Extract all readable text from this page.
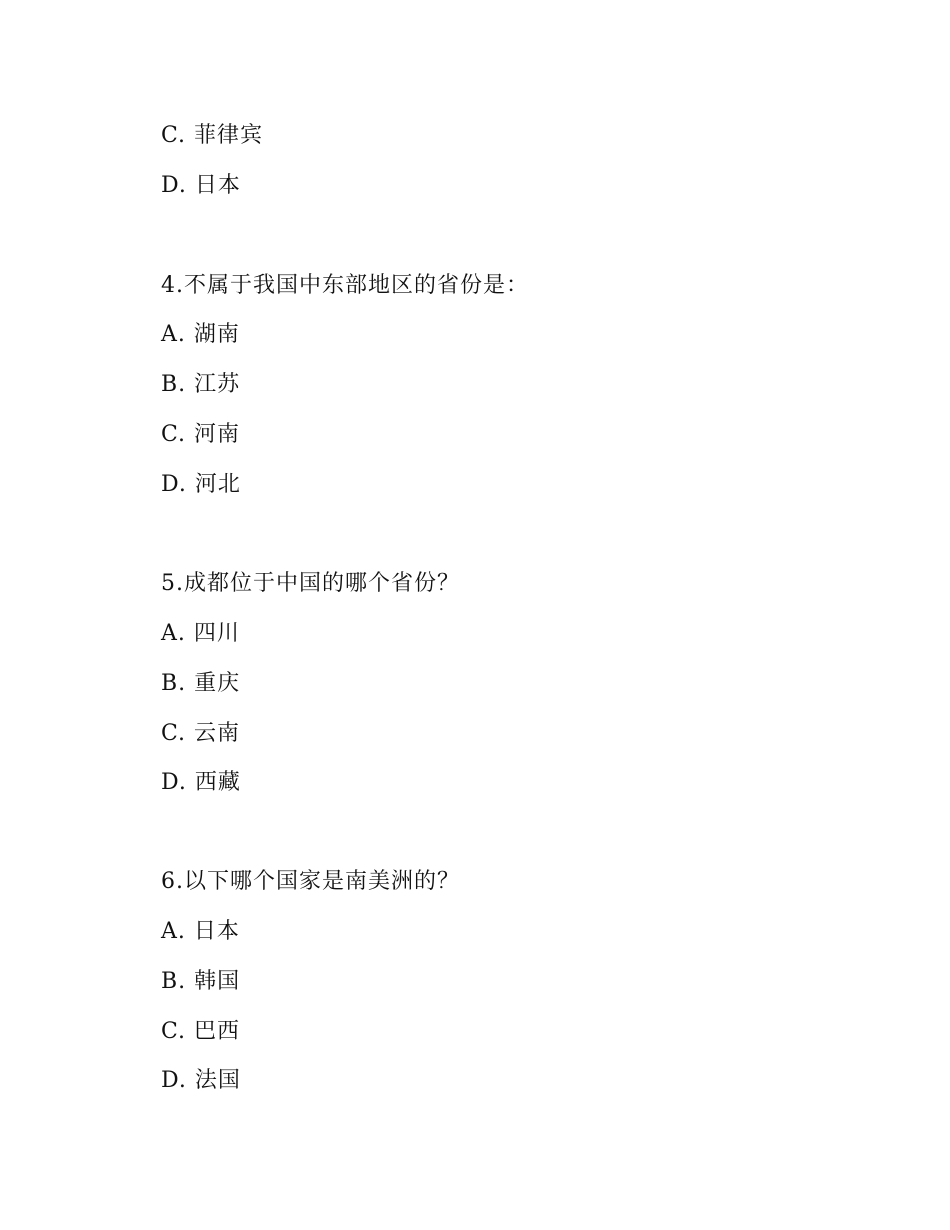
C. 菲律宾
D. 日本
4.不属于我国中东部地区的省份是：
A. 湖南
B. 江苏
C. 河南
D. 河北
5.成都位于中国的哪个省份？
A. 四川
B. 重庆
C. 云南
D. 西藏
6.以下哪个国家是南美洲的？
A. 日本
B. 韩国
C. 巴西
D. 法国
